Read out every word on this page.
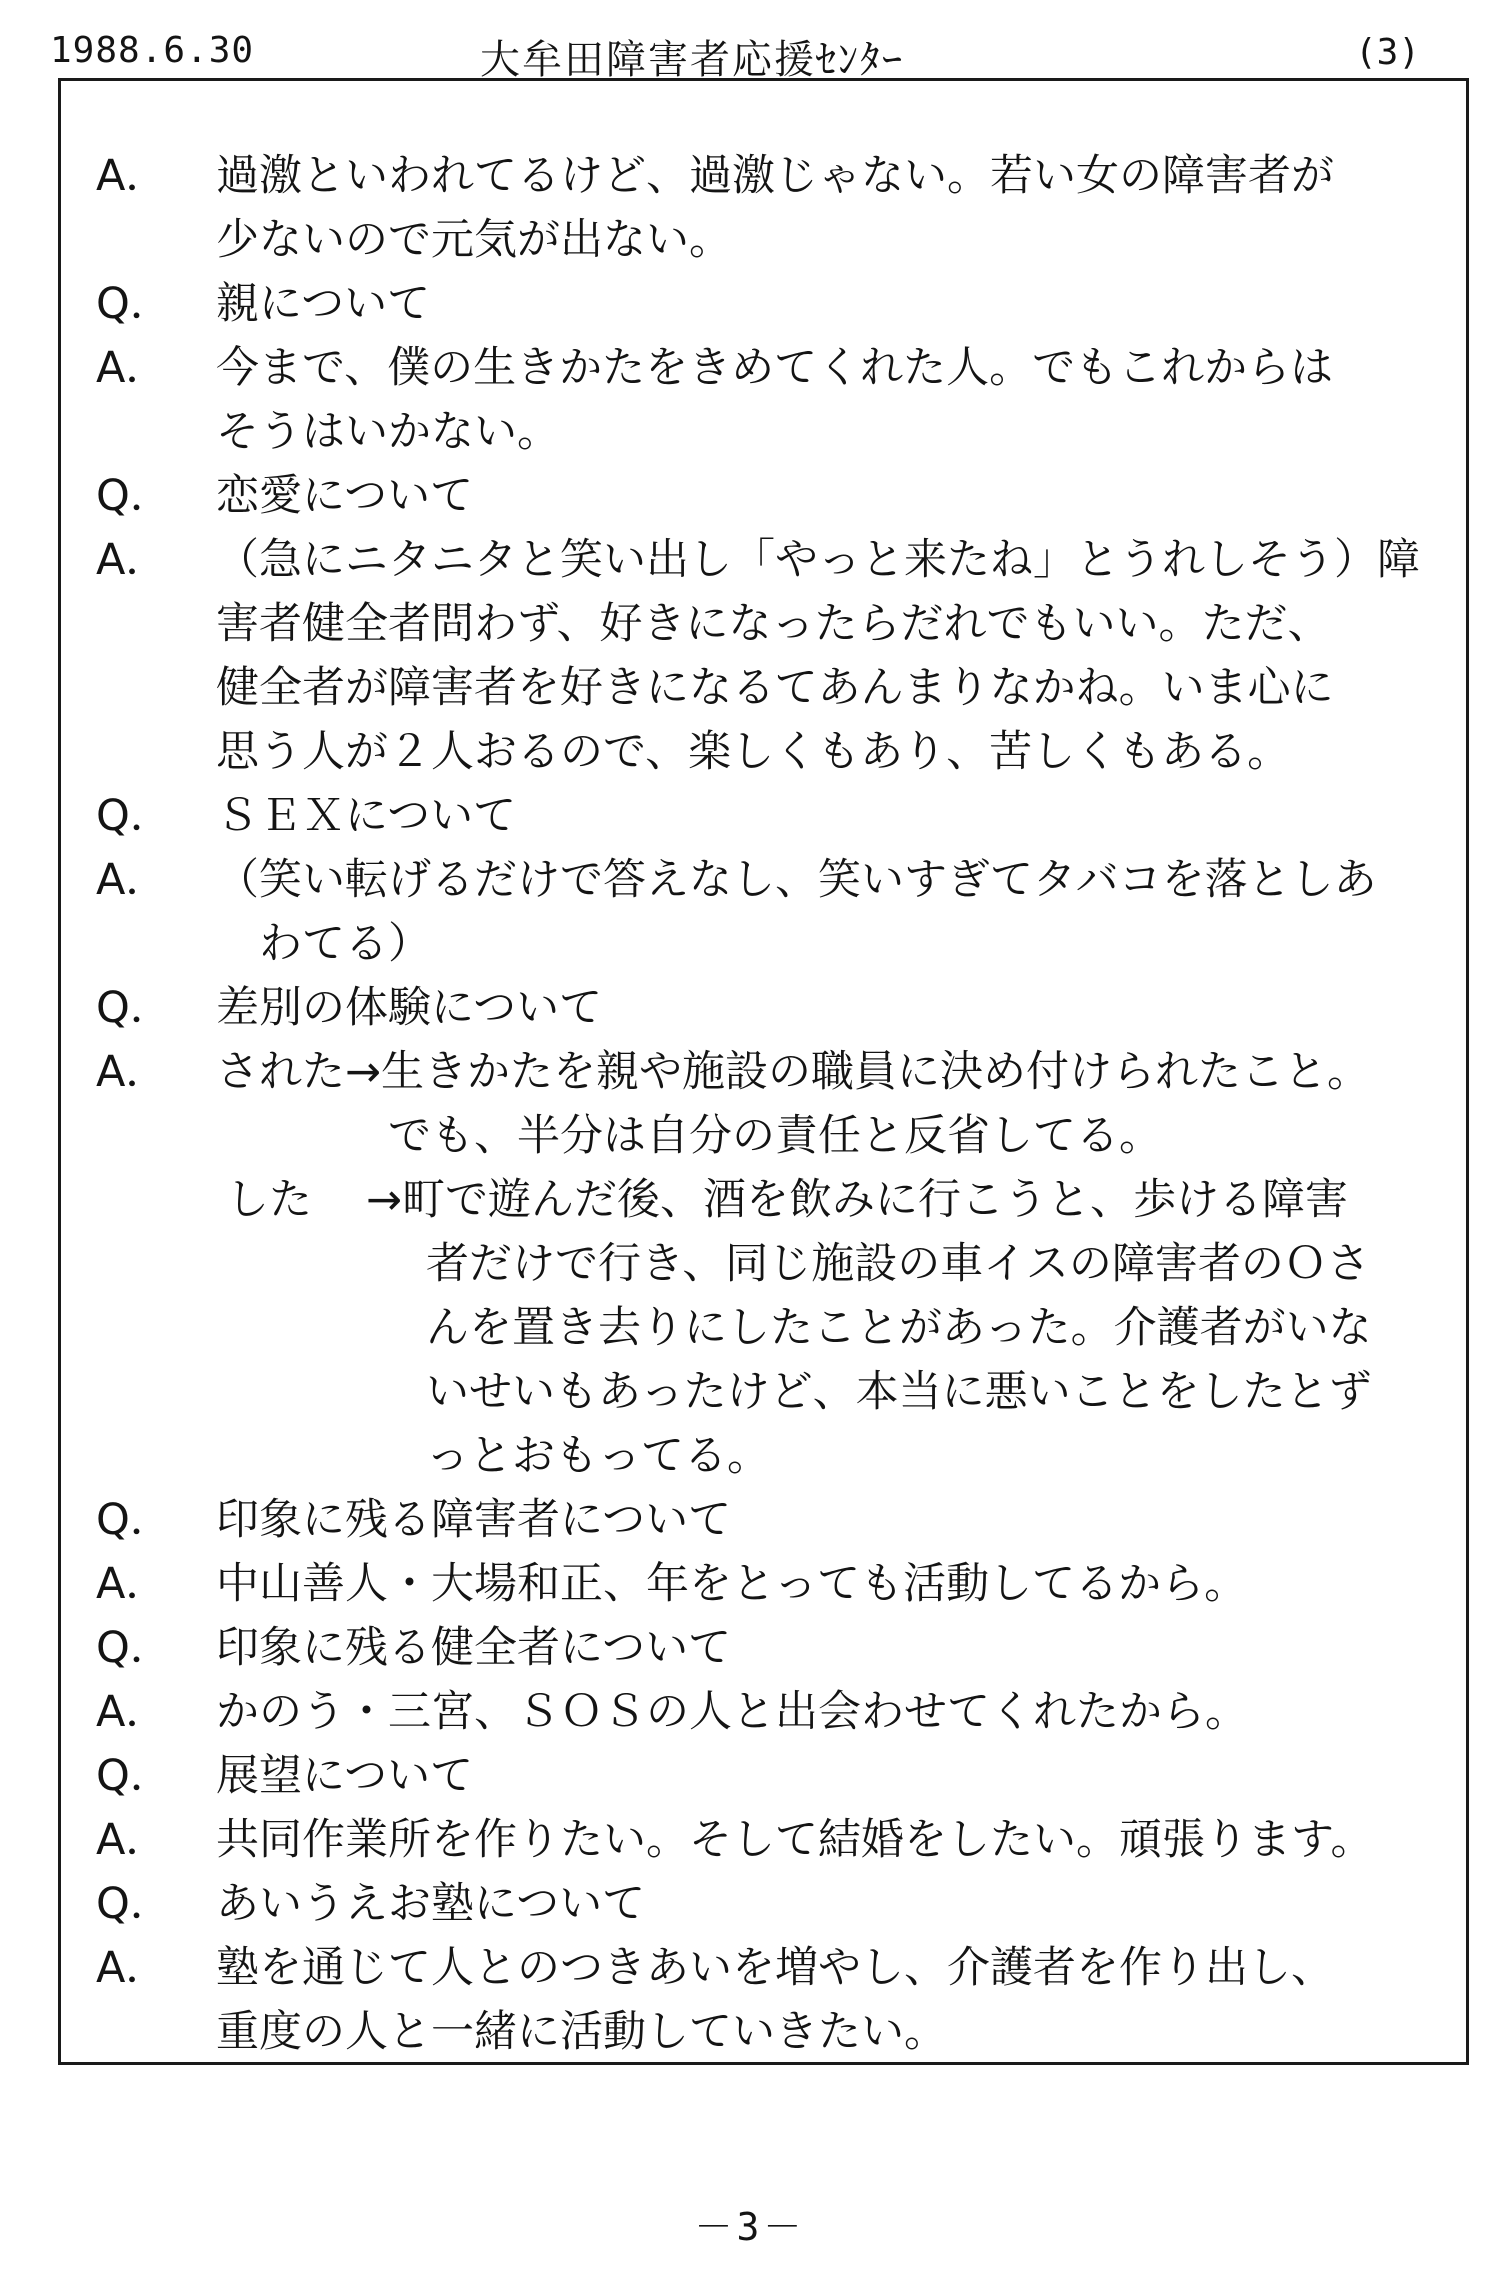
1988.6.30	大牟田障害者応援ｾﾝﾀｰ	(3)
A．	過激といわれてるけど、過激じゃない。若い女の障害者が
少ないので元気が出ない。
Q．	親について
A．	今まで、僕の生きかたをきめてくれた人。でもこれからは
そうはいかない。
Q．	恋愛について
A．	（急にニタニタと笑い出し「やっと来たね」とうれしそう）障
害者健全者問わず、好きになったらだれでもいい。ただ、
健全者が障害者を好きになるてあんまりなかね。いま心に
思う人が２人おるので、楽しくもあり、苦しくもある。
Q．	ＳＥＸについて
A．	（笑い転げるだけで答えなし、笑いすぎてタバコを落としあ
　わてる）
Q．	差別の体験について
A．	された→生きかたを親や施設の職員に決め付けられたこと。
　　　　でも、半分は自分の責任と反省してる。
した	→町で遊んだ後、酒を飲みに行こうと、歩ける障害
者だけで行き、同じ施設の車イスの障害者のＯさ
んを置き去りにしたことがあった。介護者がいな
いせいもあったけど、本当に悪いことをしたとず
っとおもってる。
Q．	印象に残る障害者について
A．	中山善人・大場和正、年をとっても活動してるから。
Q．	印象に残る健全者について
A．	かのう・三宮、ＳＯＳの人と出会わせてくれたから。
Q．	展望について
A．	共同作業所を作りたい。そして結婚をしたい。頑張ります。
Q．	あいうえお塾について
A．	塾を通じて人とのつきあいを増やし、介護者を作り出し、
重度の人と一緒に活動していきたい。
－3－
